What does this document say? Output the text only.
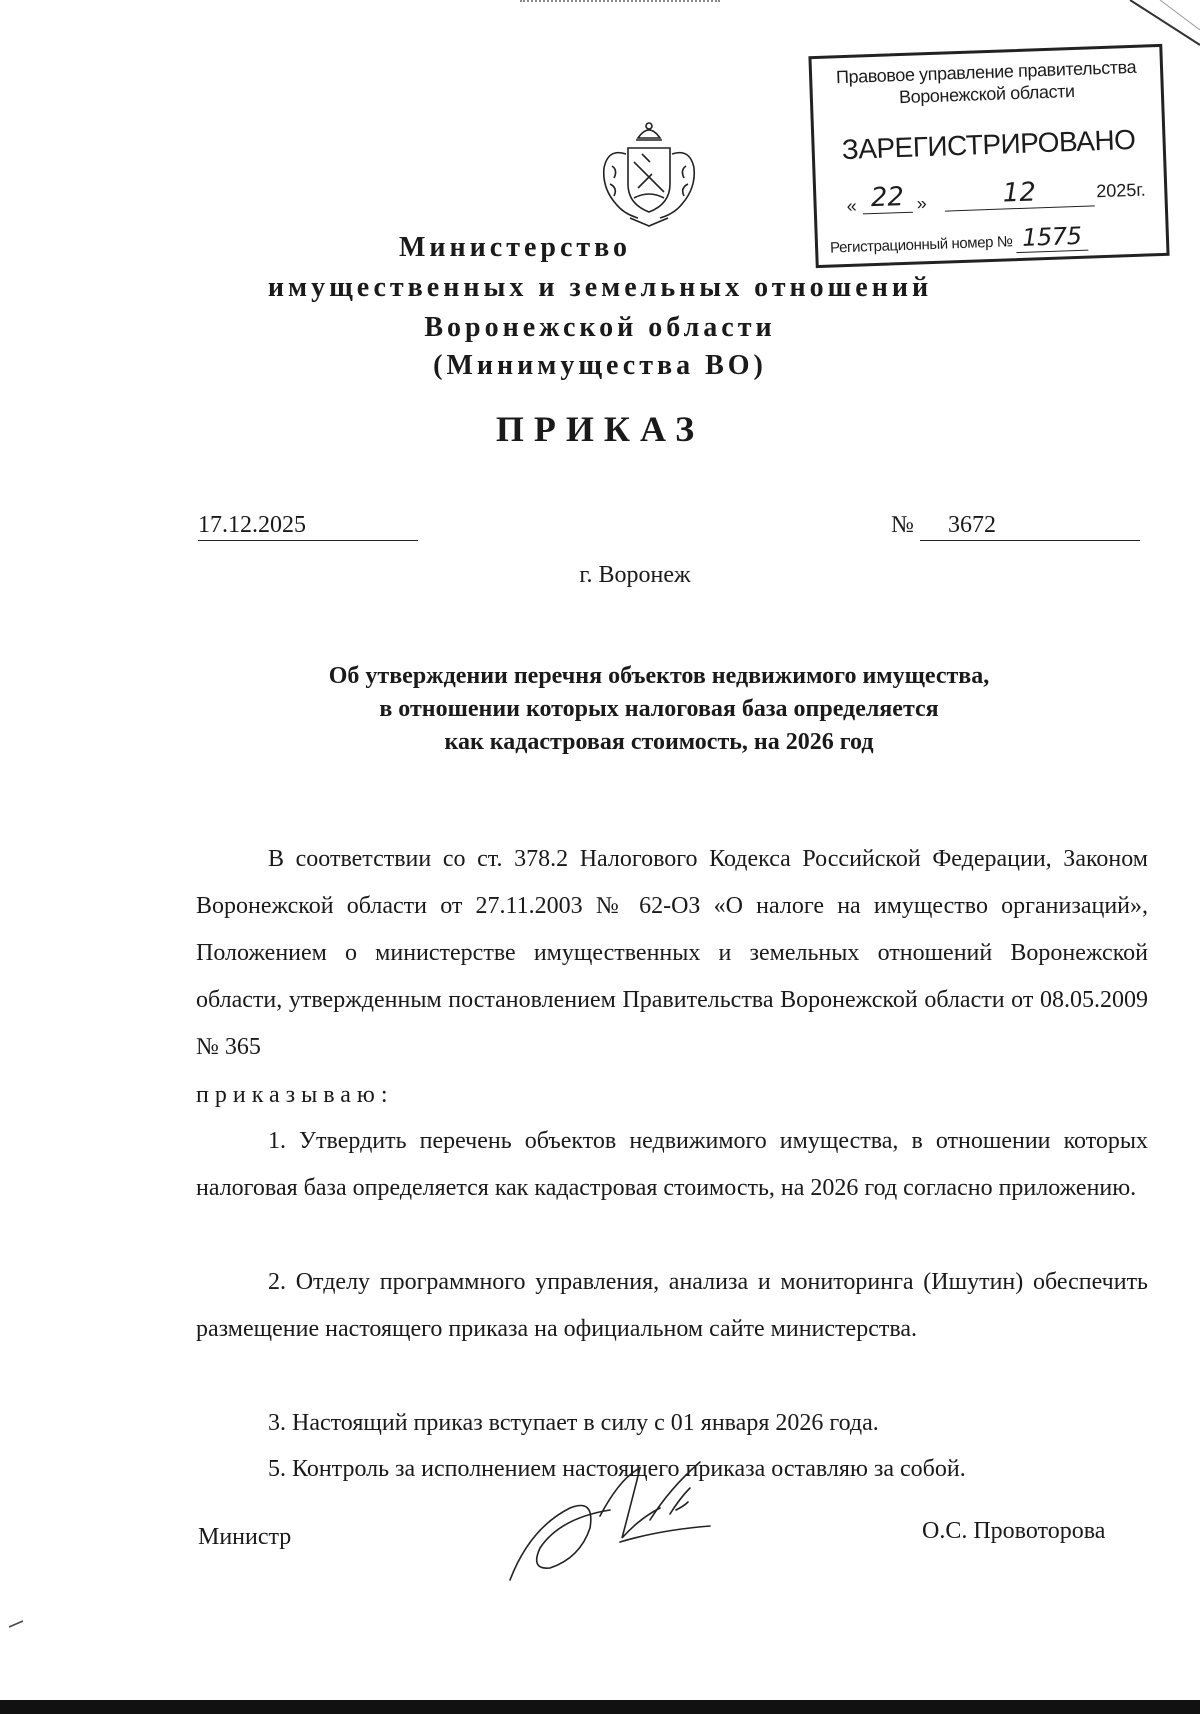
Правовое управление правительства
Воронежской области
ЗАРЕГИСТРИРОВАНО
« 22 »	12	2025г.
Регистрационный номер № 1575
Министерство
имущественных и земельных отношений
Воронежской области
(Минимущества ВО)
ПРИКАЗ
17.12.2025	№	3672
г. Воронеж
Об утверждении перечня объектов недвижимого имущества,
в отношении которых налоговая база определяется
как кадастровая стоимость, на 2026 год
В соответствии со ст. 378.2 Налогового Кодекса Российской Федерации, Законом Воронежской области от 27.11.2003 № 62-ОЗ «О налоге на имущество организаций», Положением о министерстве имущественных и земельных отношений Воронежской области, утвержденным постановлением Правительства Воронежской области от 08.05.2009 № 365
приказываю:
1. Утвердить перечень объектов недвижимого имущества, в отношении которых налоговая база определяется как кадастровая стоимость, на 2026 год согласно приложению.
2. Отделу программного управления, анализа и мониторинга (Ишутин) обеспечить размещение настоящего приказа на официальном сайте министерства.
3. Настоящий приказ вступает в силу с 01 января 2026 года.
5. Контроль за исполнением настоящего приказа оставляю за собой.
Министр	О.С. Провоторова
